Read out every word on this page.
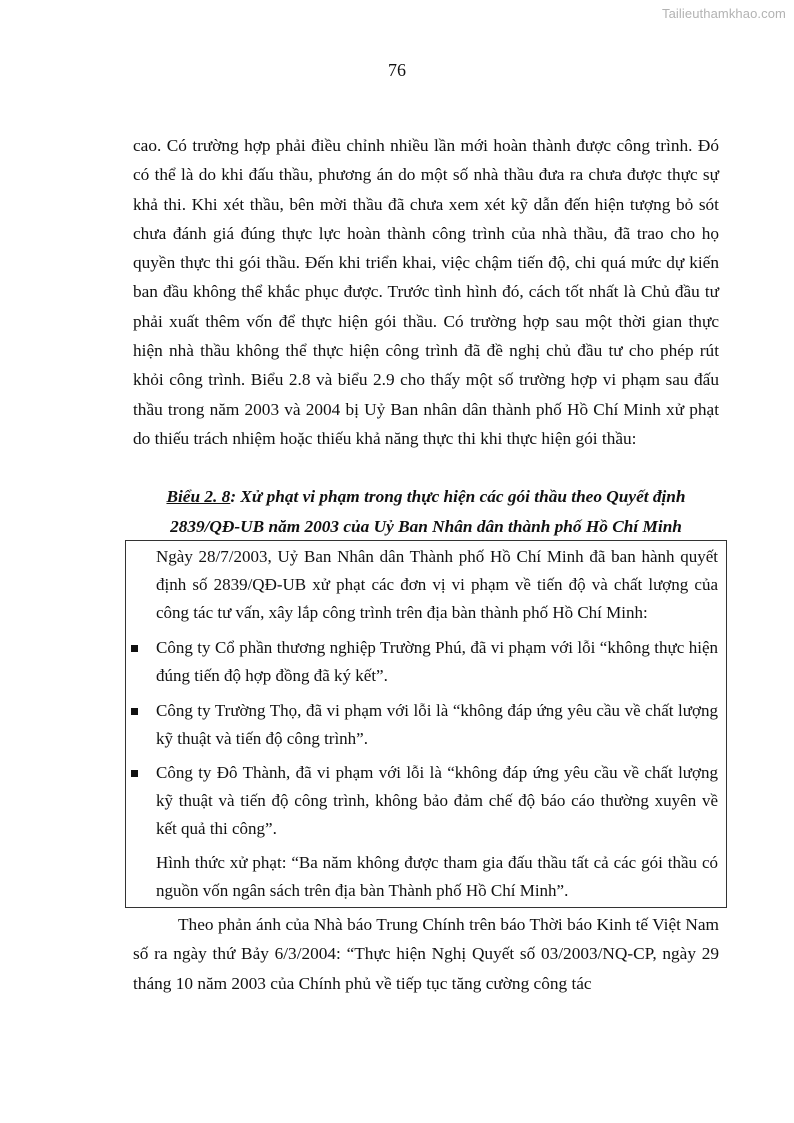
Tailieuthamkhao.com
76

cao. Có trường hợp phải điều chỉnh nhiều lần mới hoàn thành được công trình. Đó có thể là do khi đấu thầu, phương án do một số nhà thầu đưa ra chưa được thực sự khả thi. Khi xét thầu, bên mời thầu đã chưa xem xét kỹ dẫn đến hiện tượng bỏ sót chưa đánh giá đúng thực lực hoàn thành công trình của nhà thầu, đã trao cho họ quyền thực thi gói thầu. Đến khi triển khai, việc chậm tiến độ, chi quá mức dự kiến ban đầu không thể khắc phục được. Trước tình hình đó, cách tốt nhất là Chủ đầu tư phải xuất thêm vốn để thực hiện gói thầu. Có trường hợp sau một thời gian thực hiện nhà thầu không thể thực hiện công trình đã đề nghị chủ đầu tư cho phép rút khỏi công trình. Biểu 2.8 và biểu 2.9 cho thấy một số trường hợp vi phạm sau đấu thầu trong năm 2003 và 2004 bị Uỷ Ban nhân dân thành phố Hồ Chí Minh xử phạt do thiếu trách nhiệm hoặc thiếu khả năng thực thi khi thực hiện gói thầu:

Biểu 2. 8: Xử phạt vi phạm trong thực hiện các gói thầu theo Quyết định
2839/QĐ-UB năm 2003 của Uỷ Ban Nhân dân thành phố Hồ Chí Minh

Ngày 28/7/2003, Uỷ Ban Nhân dân Thành phố Hồ Chí Minh đã ban hành quyết định số 2839/QĐ-UB xử phạt các đơn vị vi phạm về tiến độ và chất lượng của công tác tư vấn, xây lắp công trình trên địa bàn thành phố Hồ Chí Minh:

Công ty Cổ phần thương nghiệp Trường Phú, đã vi phạm với lỗi “không thực hiện đúng tiến độ hợp đồng đã ký kết”.

Công ty Trường Thọ, đã vi phạm với lỗi là “không đáp ứng yêu cầu về chất lượng kỹ thuật và tiến độ công trình”.

Công ty Đô Thành, đã vi phạm với lỗi là “không đáp ứng yêu cầu về chất lượng kỹ thuật và tiến độ công trình, không bảo đảm chế độ báo cáo thường xuyên về kết quả thi công”.

Hình thức xử phạt: “Ba năm không được tham gia đấu thầu tất cả các gói thầu có nguồn vốn ngân sách trên địa bàn Thành phố Hồ Chí Minh”.

Theo phản ánh của Nhà báo Trung Chính trên báo Thời báo Kinh tế Việt Nam số ra ngày thứ Bảy 6/3/2004: “Thực hiện Nghị Quyết số 03/2003/NQ-CP, ngày 29 tháng 10 năm 2003 của Chính phủ về tiếp tục tăng cường công tác
